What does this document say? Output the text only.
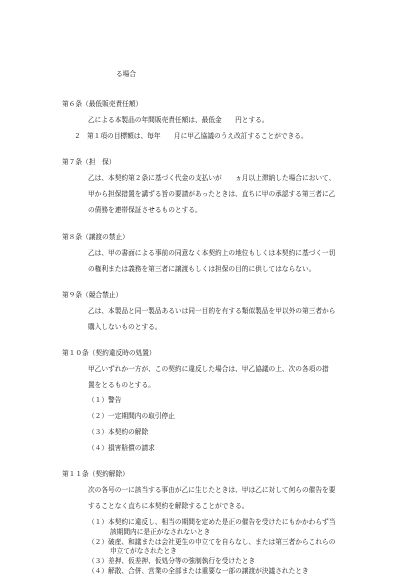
る場合
第６条（最低販売責任額）
乙による本製品の年間販売責任額は、最低金　　円とする。
２ 第１項の目標額は、毎年　　月に甲乙協議のうえ改訂することができる。
第７条（担　保）
乙は、本契約第２条に基づく代金の支払いが　　ヵ月以上滞納した場合において、
甲から担保措置を講ずる旨の要請があったときは、直ちに甲の承認する第三者に乙
の債務を連帯保証させるものとする。
第８条（譲渡の禁止）
乙は、甲の書面による事前の同意なく本契約上の地位もしくは本契約に基づく一切
の権利または義務を第三者に譲渡もしくは担保の目的に供してはならない。
第９条（競合禁止）
乙は、本製品と同一製品あるいは同一目的を有する類似製品を甲以外の第三者から
購入しないものとする。
第１０条（契約違反時の処置）
甲乙いずれか一方が、この契約に違反した場合は、甲乙協議の上、次の各項の措
置をとるものとする。
（１）警告
（２）一定期間内の取引停止
（３）本契約の解除
（４）損害賠償の請求
第１１条（契約解除）
次の各号の一に該当する事由が乙に生じたときは、甲は乙に対して何らの催告を要
することなく直ちに本契約を解除することができる。
（１）本契約に違反し、相当の期間を定めた是正の催告を受けたにもかかわらず当
該期間内に是正がなされないとき
（２）破産、和議または会社更生の申立てを自らなし、または第三者からこれらの
申立てがなされたとき
（３）差押、仮差押、仮処分等の強制執行を受けたとき
（４）解散、合併、営業の全部または重要な一部の譲渡が決議されたとき
